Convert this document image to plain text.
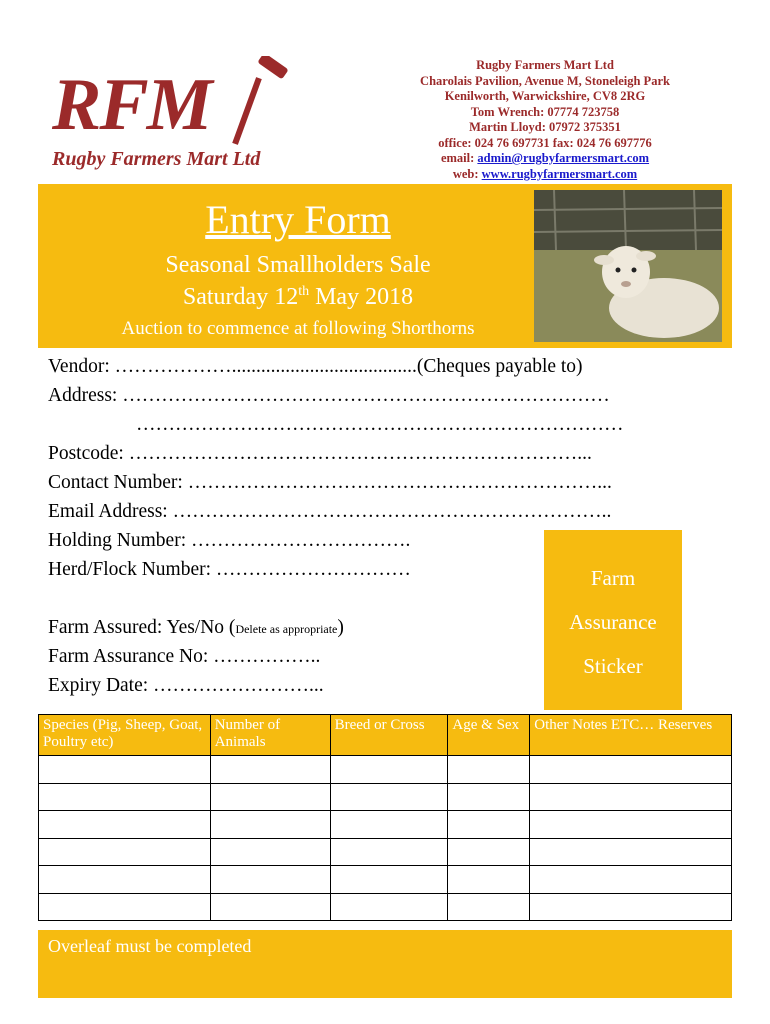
RFM
Rugby Farmers Mart Ltd
Rugby Farmers Mart Ltd
Charolais Pavilion, Avenue M, Stoneleigh Park
Kenilworth, Warwickshire, CV8 2RG
Tom Wrench: 07774 723758
Martin Lloyd: 07972 375351
office: 024 76 697731 fax: 024 76 697776
email: admin@rugbyfarmersmart.com
web: www.rugbyfarmersmart.com
Entry Form
Seasonal Smallholders Sale
Saturday 12th May 2018
Auction to commence at following Shorthorns
Vendor: ………………......................................(Cheques payable to)
Address: …………………………………………………………………
…………………………………………………………………
Postcode: ……………………………………………………………...
Contact Number: ………………………………………………………...
Email Address: …………………………………………………………..
Holding Number: …………………………….
Herd/Flock Number: …………………………
Farm Assured: Yes/No (Delete as appropriate)
Farm Assurance No: ……………..
Expiry Date: ……………………...
Farm
Assurance
Sticker
Species (Pig, Sheep, Goat, Poultry etc)	Number of Animals	Breed or Cross	Age & Sex	Other Notes ETC… Reserves

Overleaf must be completed
